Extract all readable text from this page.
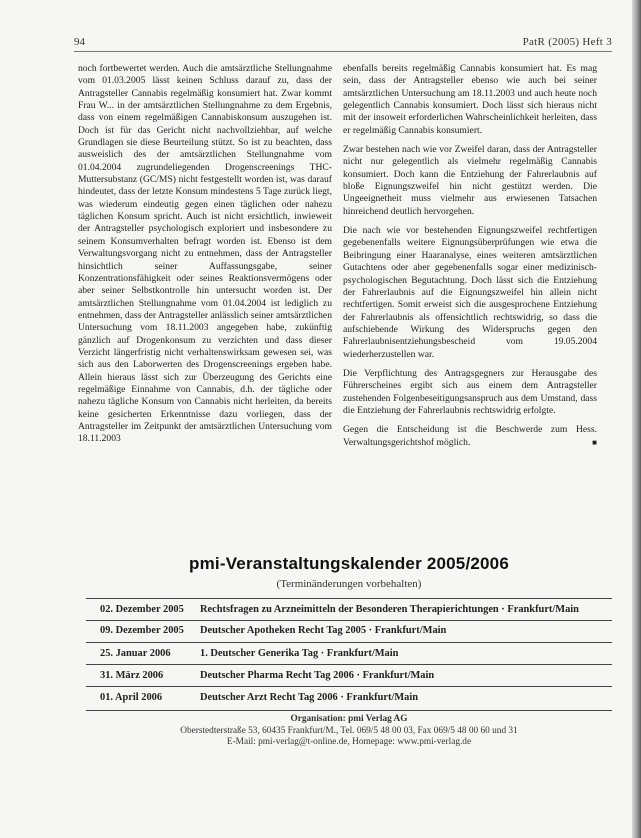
94	PatR (2005) Heft 3

noch fortbewertet werden. Auch die amtsärztliche Stellungnahme vom 01.03.2005 lässt keinen Schluss darauf zu, dass der Antragsteller Cannabis regelmäßig konsumiert hat. Zwar kommt Frau W... in der amtsärztlichen Stellungnahme zu dem Ergebnis, dass von einem regelmäßigen Cannabiskonsum auszugehen ist. Doch ist für das Gericht nicht nachvollziehbar, auf welche Grundlagen sie diese Beurteilung stützt. So ist zu beachten, dass ausweislich des der amtsärztlichen Stellungnahme vom 01.04.2004 zugrundeliegenden Drogenscreenings THC-Muttersubstanz (GC/MS) nicht festgestellt worden ist, was darauf hindeutet, dass der letzte Konsum mindestens 5 Tage zurück liegt, was wiederum eindeutig gegen einen täglichen oder nahezu täglichen Konsum spricht. Auch ist nicht ersichtlich, inwieweit der Antragsteller psychologisch exploriert und insbesondere zu seinem Konsumverhalten befragt worden ist. Ebenso ist dem Verwaltungsvorgang nicht zu entnehmen, dass der Antragsteller hinsichtlich seiner Auffassungsgabe, seiner Konzentrationsfähigkeit oder seines Reaktionsvermögens oder aber seiner Selbstkontrolle hin untersucht worden ist. Der amtsärztlichen Stellungnahme vom 01.04.2004 ist lediglich zu entnehmen, dass der Antragsteller anlässlich seiner amtsärztlichen Untersuchung vom 18.11.2003 angegeben habe, zukünftig gänzlich auf Drogenkonsum zu verzichten und dass dieser Verzicht längerfristig nicht verhaltenswirksam gewesen sei, was sich aus den Laborwerten des Drogenscreenings ergeben habe. Allein hieraus lässt sich zur Überzeugung des Gerichts eine regelmäßige Einnahme von Cannabis, d.h. der tägliche oder nahezu tägliche Konsum von Cannabis nicht herleiten, da bereits keine gesicherten Erkenntnisse dazu vorliegen, dass der Antragsteller im Zeitpunkt der amtsärztlichen Untersuchung vom 18.11.2003

ebenfalls bereits regelmäßig Cannabis konsumiert hat. Es mag sein, dass der Antragsteller ebenso wie auch bei seiner amtsärztlichen Untersuchung am 18.11.2003 und auch heute noch gelegentlich Cannabis konsumiert. Doch lässt sich hieraus nicht mit der insoweit erforderlichen Wahrscheinlichkeit herleiten, dass er regelmäßig Cannabis konsumiert.

Zwar bestehen nach wie vor Zweifel daran, dass der Antragsteller nicht nur gelegentlich als vielmehr regelmäßig Cannabis konsumiert. Doch kann die Entziehung der Fahrerlaubnis auf bloße Eignungszweifel hin nicht gestützt werden. Die Ungeeignetheit muss vielmehr aus erwiesenen Tatsachen hinreichend deutlich hervorgehen.

Die nach wie vor bestehenden Eignungszweifel rechtfertigen gegebenenfalls weitere Eignungsüberprüfungen wie etwa die Beibringung einer Haaranalyse, eines weiteren amtsärztlichen Gutachtens oder aber gegebenenfalls sogar einer medizinisch-psychologischen Begutachtung. Doch lässt sich die Entziehung der Fahrerlaubnis auf die Eignungszweifel hin allein nicht rechtfertigen. Somit erweist sich die ausgesprochene Entziehung der Fahrerlaubnis als offensichtlich rechtswidrig, so dass die aufschiebende Wirkung des Widerspruchs gegen den Fahrerlaubnisentziehungsbescheid vom 19.05.2004 wiederherzustellen war.

Die Verpflichtung des Antragsgegners zur Herausgabe des Führerscheines ergibt sich aus einem dem Antragsteller zustehenden Folgenbeseitigungsanspruch aus dem Umstand, dass die Entziehung der Fahrerlaubnis rechtswidrig erfolgte.

Gegen die Entscheidung ist die Beschwerde zum Hess. Verwaltungsgerichtshof möglich.	■

pmi-Veranstaltungskalender 2005/2006
(Terminänderungen vorbehalten)
02. Dezember 2005 Rechtsfragen zu Arzneimitteln der Besonderen Therapierichtungen · Frankfurt/Main
09. Dezember 2005 Deutscher Apotheken Recht Tag 2005 · Frankfurt/Main
25. Januar 2006	1. Deutscher Generika Tag · Frankfurt/Main
31. März 2006	Deutscher Pharma Recht Tag 2006 · Frankfurt/Main
01. April 2006	Deutscher Arzt Recht Tag 2006 · Frankfurt/Main
Organisation: pmi Verlag AG
Oberstedterstraße 53, 60435 Frankfurt/M., Tel. 069/5 48 00 03, Fax 069/5 48 00 60 und 31
E-Mail: pmi-verlag@t-online.de, Homepage: www.pmi-verlag.de
